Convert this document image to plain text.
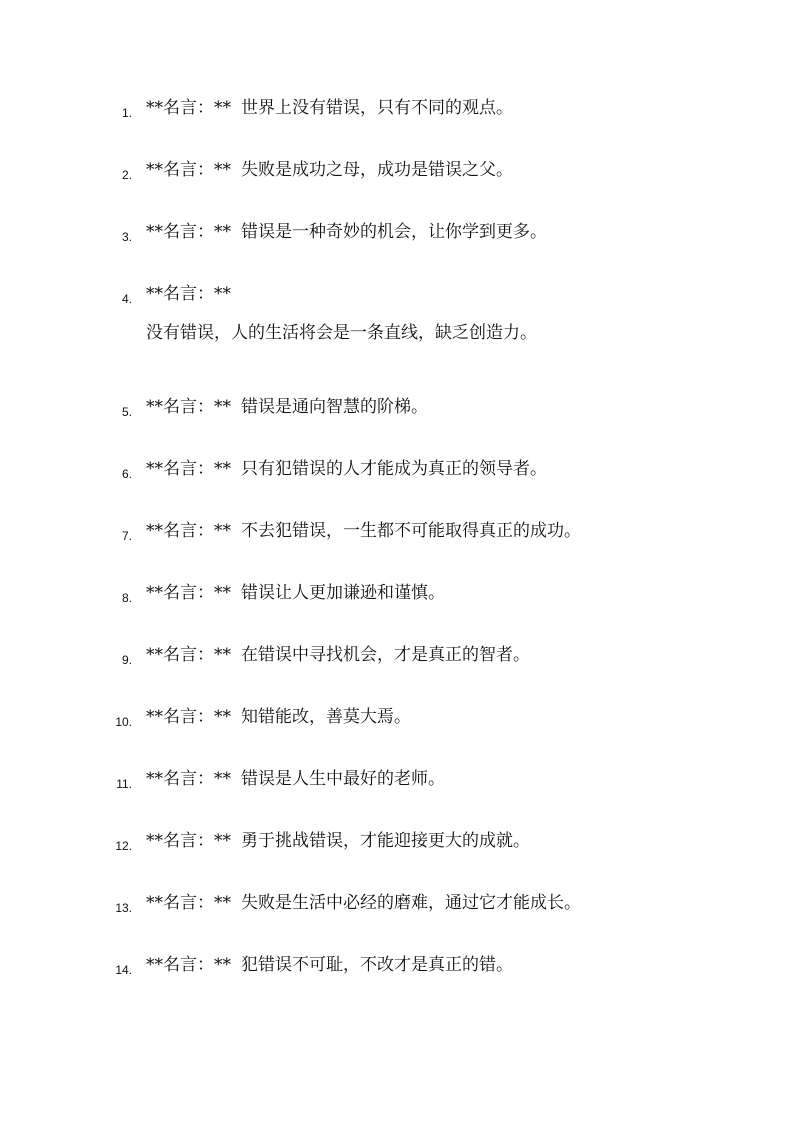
1. **名言：** 世界上没有错误，只有不同的观点。
2. **名言：** 失败是成功之母，成功是错误之父。
3. **名言：** 错误是一种奇妙的机会，让你学到更多。
4. **名言：**
没有错误，人的生活将会是一条直线，缺乏创造力。
5. **名言：** 错误是通向智慧的阶梯。
6. **名言：** 只有犯错误的人才能成为真正的领导者。
7. **名言：** 不去犯错误，一生都不可能取得真正的成功。
8. **名言：** 错误让人更加谦逊和谨慎。
9. **名言：** 在错误中寻找机会，才是真正的智者。
10. **名言：** 知错能改，善莫大焉。
11. **名言：** 错误是人生中最好的老师。
12. **名言：** 勇于挑战错误，才能迎接更大的成就。
13. **名言：** 失败是生活中必经的磨难，通过它才能成长。
14. **名言：** 犯错误不可耻，不改才是真正的错。
